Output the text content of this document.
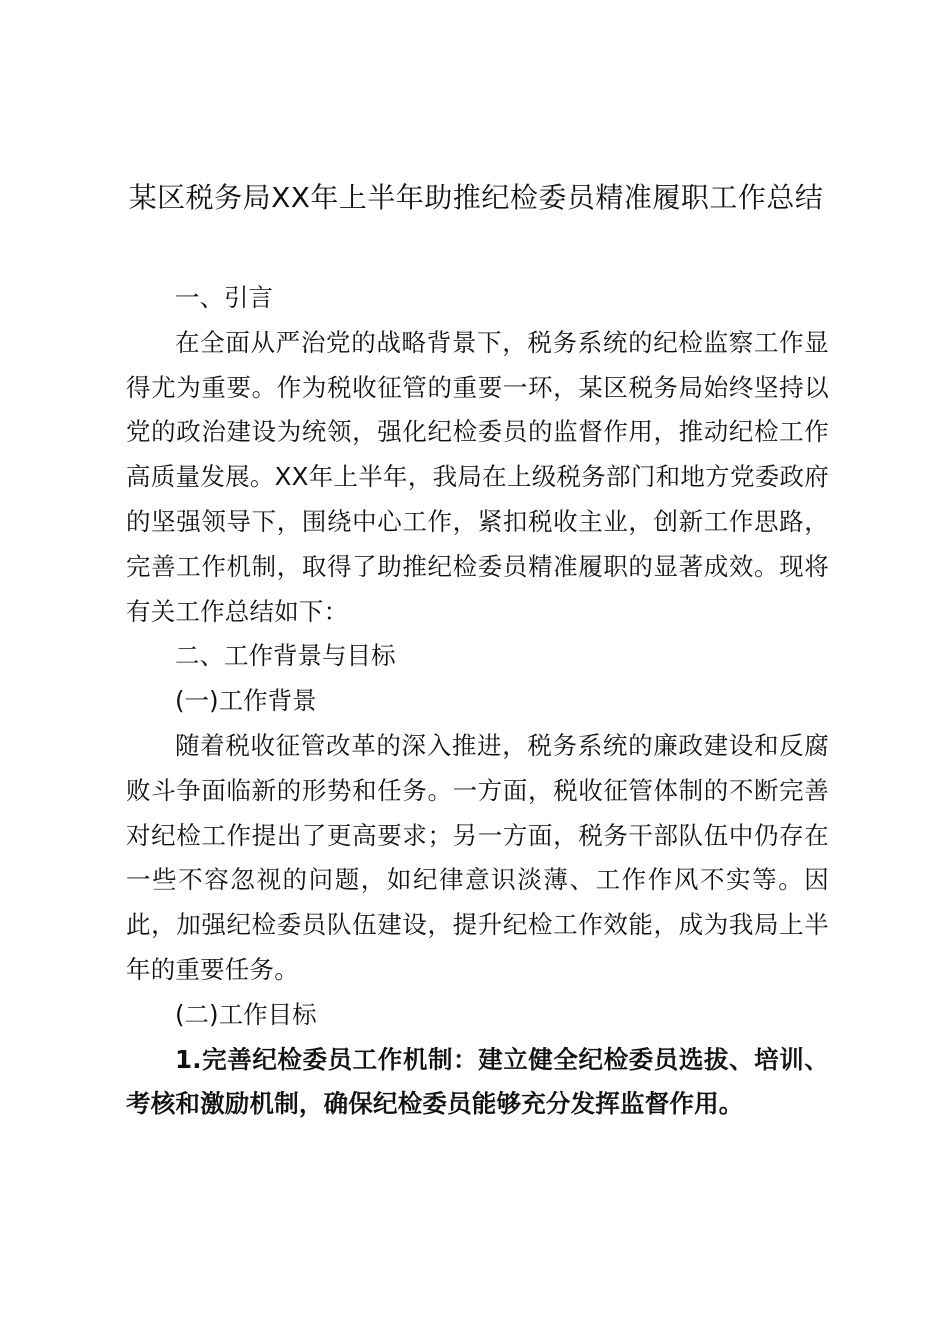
某区税务局XX年上半年助推纪检委员精准履职工作总结

一、引言

在全面从严治党的战略背景下，税务系统的纪检监察工作显得尤为重要。作为税收征管的重要一环，某区税务局始终坚持以党的政治建设为统领，强化纪检委员的监督作用，推动纪检工作高质量发展。XX年上半年，我局在上级税务部门和地方党委政府的坚强领导下，围绕中心工作，紧扣税收主业，创新工作思路，完善工作机制，取得了助推纪检委员精准履职的显著成效。现将有关工作总结如下：

二、工作背景与目标

(一)工作背景

随着税收征管改革的深入推进，税务系统的廉政建设和反腐败斗争面临新的形势和任务。一方面，税收征管体制的不断完善对纪检工作提出了更高要求；另一方面，税务干部队伍中仍存在一些不容忽视的问题，如纪律意识淡薄、工作作风不实等。因此，加强纪检委员队伍建设，提升纪检工作效能，成为我局上半年的重要任务。

(二)工作目标

1.完善纪检委员工作机制：建立健全纪检委员选拔、培训、考核和激励机制，确保纪检委员能够充分发挥监督作用。
